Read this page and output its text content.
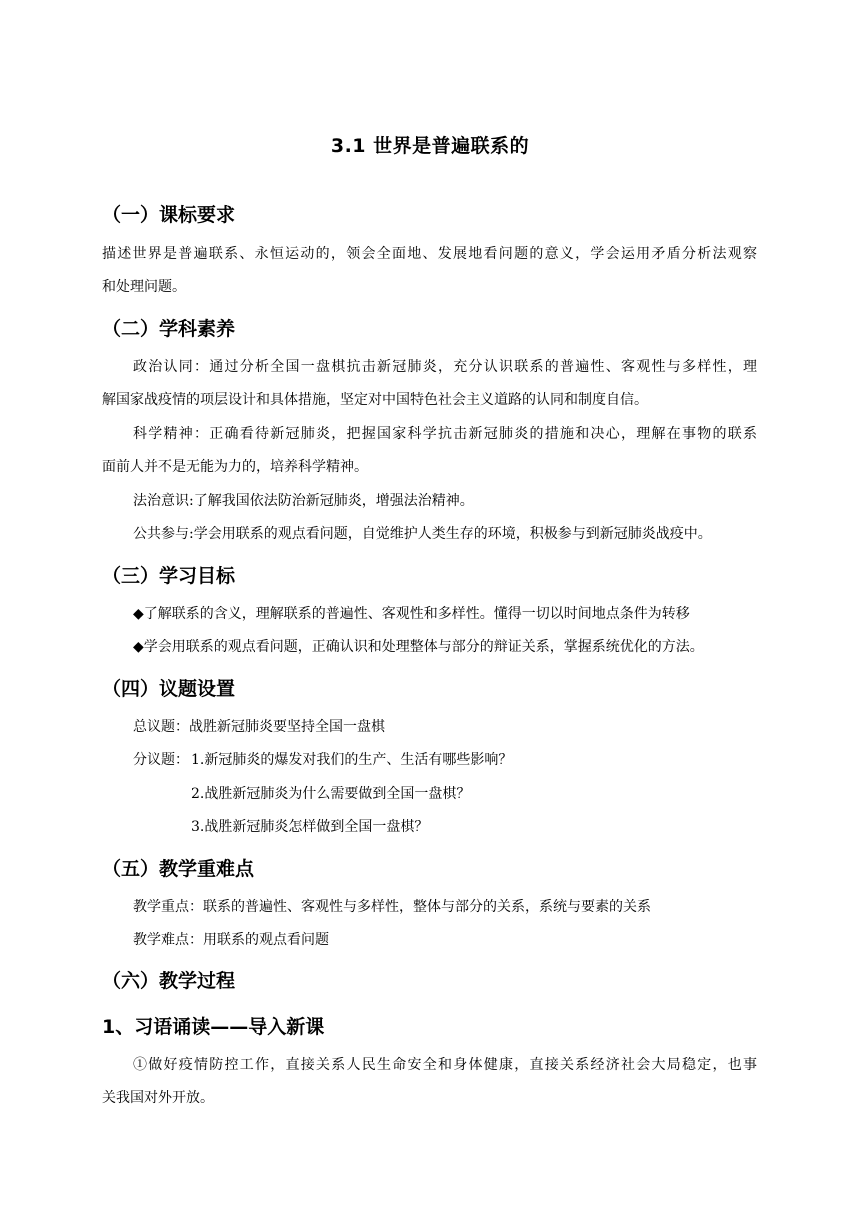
3.1 世界是普遍联系的
（一）课标要求
描述世界是普遍联系、永恒运动的，领会全面地、发展地看问题的意义，学会运用矛盾分析法观察
和处理问题。
（二）学科素养
政治认同：通过分析全国一盘棋抗击新冠肺炎，充分认识联系的普遍性、客观性与多样性，理
解国家战疫情的项层设计和具体措施，坚定对中国特色社会主义道路的认同和制度自信。
科学精神：正确看待新冠肺炎，把握国家科学抗击新冠肺炎的措施和决心，理解在事物的联系
面前人并不是无能为力的，培养科学精神。
法治意识:了解我国依法防治新冠肺炎，增强法治精神。
公共参与:学会用联系的观点看问题，自觉维护人类生存的环境，积极参与到新冠肺炎战疫中。
（三）学习目标
◆了解联系的含义，理解联系的普遍性、客观性和多样性。懂得一切以时间地点条件为转移
◆学会用联系的观点看问题，正确认识和处理整体与部分的辩证关系，掌握系统优化的方法。
（四）议题设置
总议题：战胜新冠肺炎要坚持全国一盘棋
分议题： 1.新冠肺炎的爆发对我们的生产、生活有哪些影响？
2.战胜新冠肺炎为什么需要做到全国一盘棋？
3.战胜新冠肺炎怎样做到全国一盘棋？
（五）教学重难点
教学重点：联系的普遍性、客观性与多样性，整体与部分的关系，系统与要素的关系
教学难点：用联系的观点看问题
（六）教学过程
1、习语诵读——导入新课
①做好疫情防控工作，直接关系人民生命安全和身体健康，直接关系经济社会大局稳定，也事
关我国对外开放。
